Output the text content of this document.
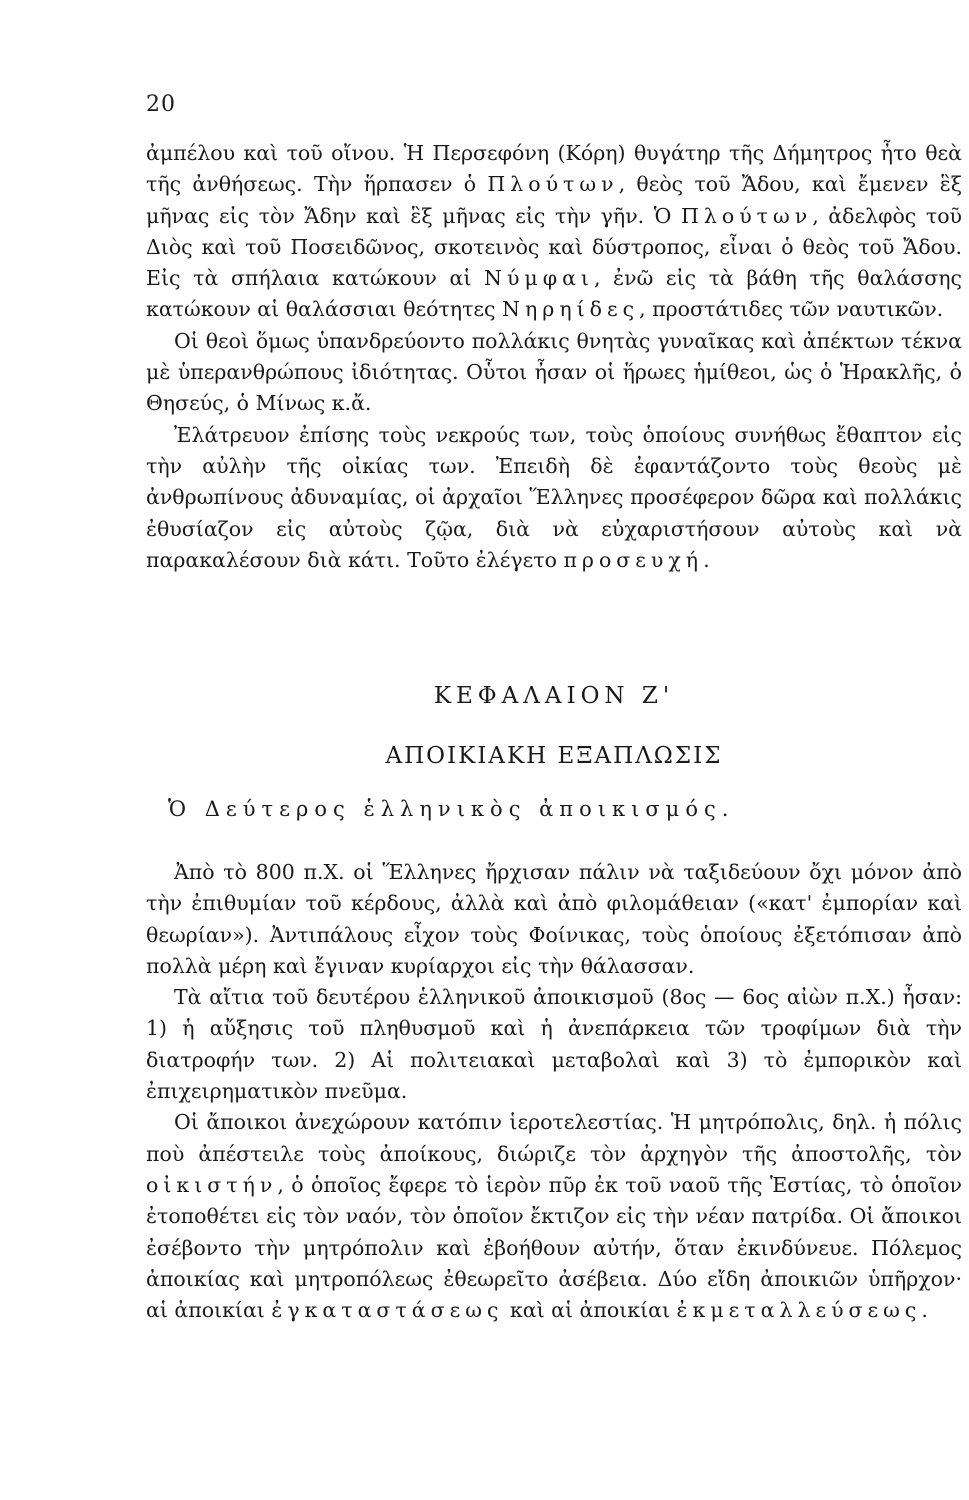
20

ἀμπέλου καὶ τοῦ οἴνου. Ἡ Περσεφόνη (Κόρη) θυγάτηρ τῆς Δήμητρος ἦτο θεὰ τῆς ἀνθήσεως. Τὴν ἥρπασεν ὁ Πλούτων, θεὸς τοῦ Ἄδου, καὶ ἔμενεν ἓξ μῆνας εἰς τὸν Ἄδην καὶ ἓξ μῆνας εἰς τὴν γῆν. Ὁ Πλούτων, ἀδελφὸς τοῦ Διὸς καὶ τοῦ Ποσειδῶνος, σκοτεινὸς καὶ δύστροπος, εἶναι ὁ θεὸς τοῦ Ἄδου. Εἰς τὰ σπήλαια κατώκουν αἱ Νύμφαι, ἐνῶ εἰς τὰ βάθη τῆς θαλάσσης κατώκουν αἱ θαλάσσιαι θεότητες Νηρηίδες, προστάτιδες τῶν ναυτικῶν.

Οἱ θεοὶ ὅμως ὑπανδρεύοντο πολλάκις θνητὰς γυναῖκας καὶ ἀπέκτων τέκνα μὲ ὑπερανθρώπους ἰδιότητας. Οὗτοι ἦσαν οἱ ἥρωες ἡμίθεοι, ὡς ὁ Ἡρακλῆς, ὁ Θησεύς, ὁ Μίνως κ.ἄ.

Ἐλάτρευον ἐπίσης τοὺς νεκρούς των, τοὺς ὁποίους συνήθως ἔθαπτον εἰς τὴν αὐλὴν τῆς οἰκίας των. Ἐπειδὴ δὲ ἐφαντάζοντο τοὺς θεοὺς μὲ ἀνθρωπίνους ἀδυναμίας, οἱ ἀρχαῖοι Ἕλληνες προσέφερον δῶρα καὶ πολλάκις ἐθυσίαζον εἰς αὐτοὺς ζῷα, διὰ νὰ εὐχαριστήσουν αὐτοὺς καὶ νὰ παρακαλέσουν διὰ κάτι. Τοῦτο ἐλέγετο προσευχή.

ΚΕΦΑΛΑΙΟΝ Ζ'
ΑΠΟΙΚΙΑΚΗ ΕΞΑΠΛΩΣΙΣ
Ὁ Δεύτερος ἑλληνικὸς ἀποικισμός.

Ἀπὸ τὸ 800 π.Χ. οἱ Ἕλληνες ἤρχισαν πάλιν νὰ ταξιδεύουν ὄχι μόνον ἀπὸ τὴν ἐπιθυμίαν τοῦ κέρδους, ἀλλὰ καὶ ἀπὸ φιλομάθειαν («κατ' ἐμπορίαν καὶ θεωρίαν»). Ἀντιπάλους εἶχον τοὺς Φοίνικας, τοὺς ὁποίους ἐξετόπισαν ἀπὸ πολλὰ μέρη καὶ ἔγιναν κυρίαρχοι εἰς τὴν θάλασσαν.

Τὰ αἴτια τοῦ δευτέρου ἑλληνικοῦ ἀποικισμοῦ (8ος — 6ος αἰὼν π.Χ.) ἦσαν: 1) ἡ αὔξησις τοῦ πληθυσμοῦ καὶ ἡ ἀνεπάρκεια τῶν τροφίμων διὰ τὴν διατροφήν των. 2) Αἱ πολιτειακαὶ μεταβολαὶ καὶ 3) τὸ ἐμπορικὸν καὶ ἐπιχειρηματικὸν πνεῦμα.

Οἱ ἄποικοι ἀνεχώρουν κατόπιν ἱεροτελεστίας. Ἡ μητρόπολις, δηλ. ἡ πόλις ποὺ ἀπέστειλε τοὺς ἀποίκους, διώριζε τὸν ἀρχηγὸν τῆς ἀποστολῆς, τὸν οἰκιστήν, ὁ ὁποῖος ἔφερε τὸ ἱερὸν πῦρ ἐκ τοῦ ναοῦ τῆς Ἑστίας, τὸ ὁποῖον ἐτοποθέτει εἰς τὸν ναόν, τὸν ὁποῖον ἔκτιζον εἰς τὴν νέαν πατρίδα. Οἱ ἄποικοι ἐσέβοντο τὴν μητρόπολιν καὶ ἐβοήθουν αὐτήν, ὅταν ἐκινδύνευε. Πόλεμος ἀποικίας καὶ μητροπόλεως ἐθεωρεῖτο ἀσέβεια. Δύο εἴδη ἀποικιῶν ὑπῆρχον· αἱ ἀποικίαι ἐγκαταστάσεως καὶ αἱ ἀποικίαι ἐκμεταλλεύσεως.
